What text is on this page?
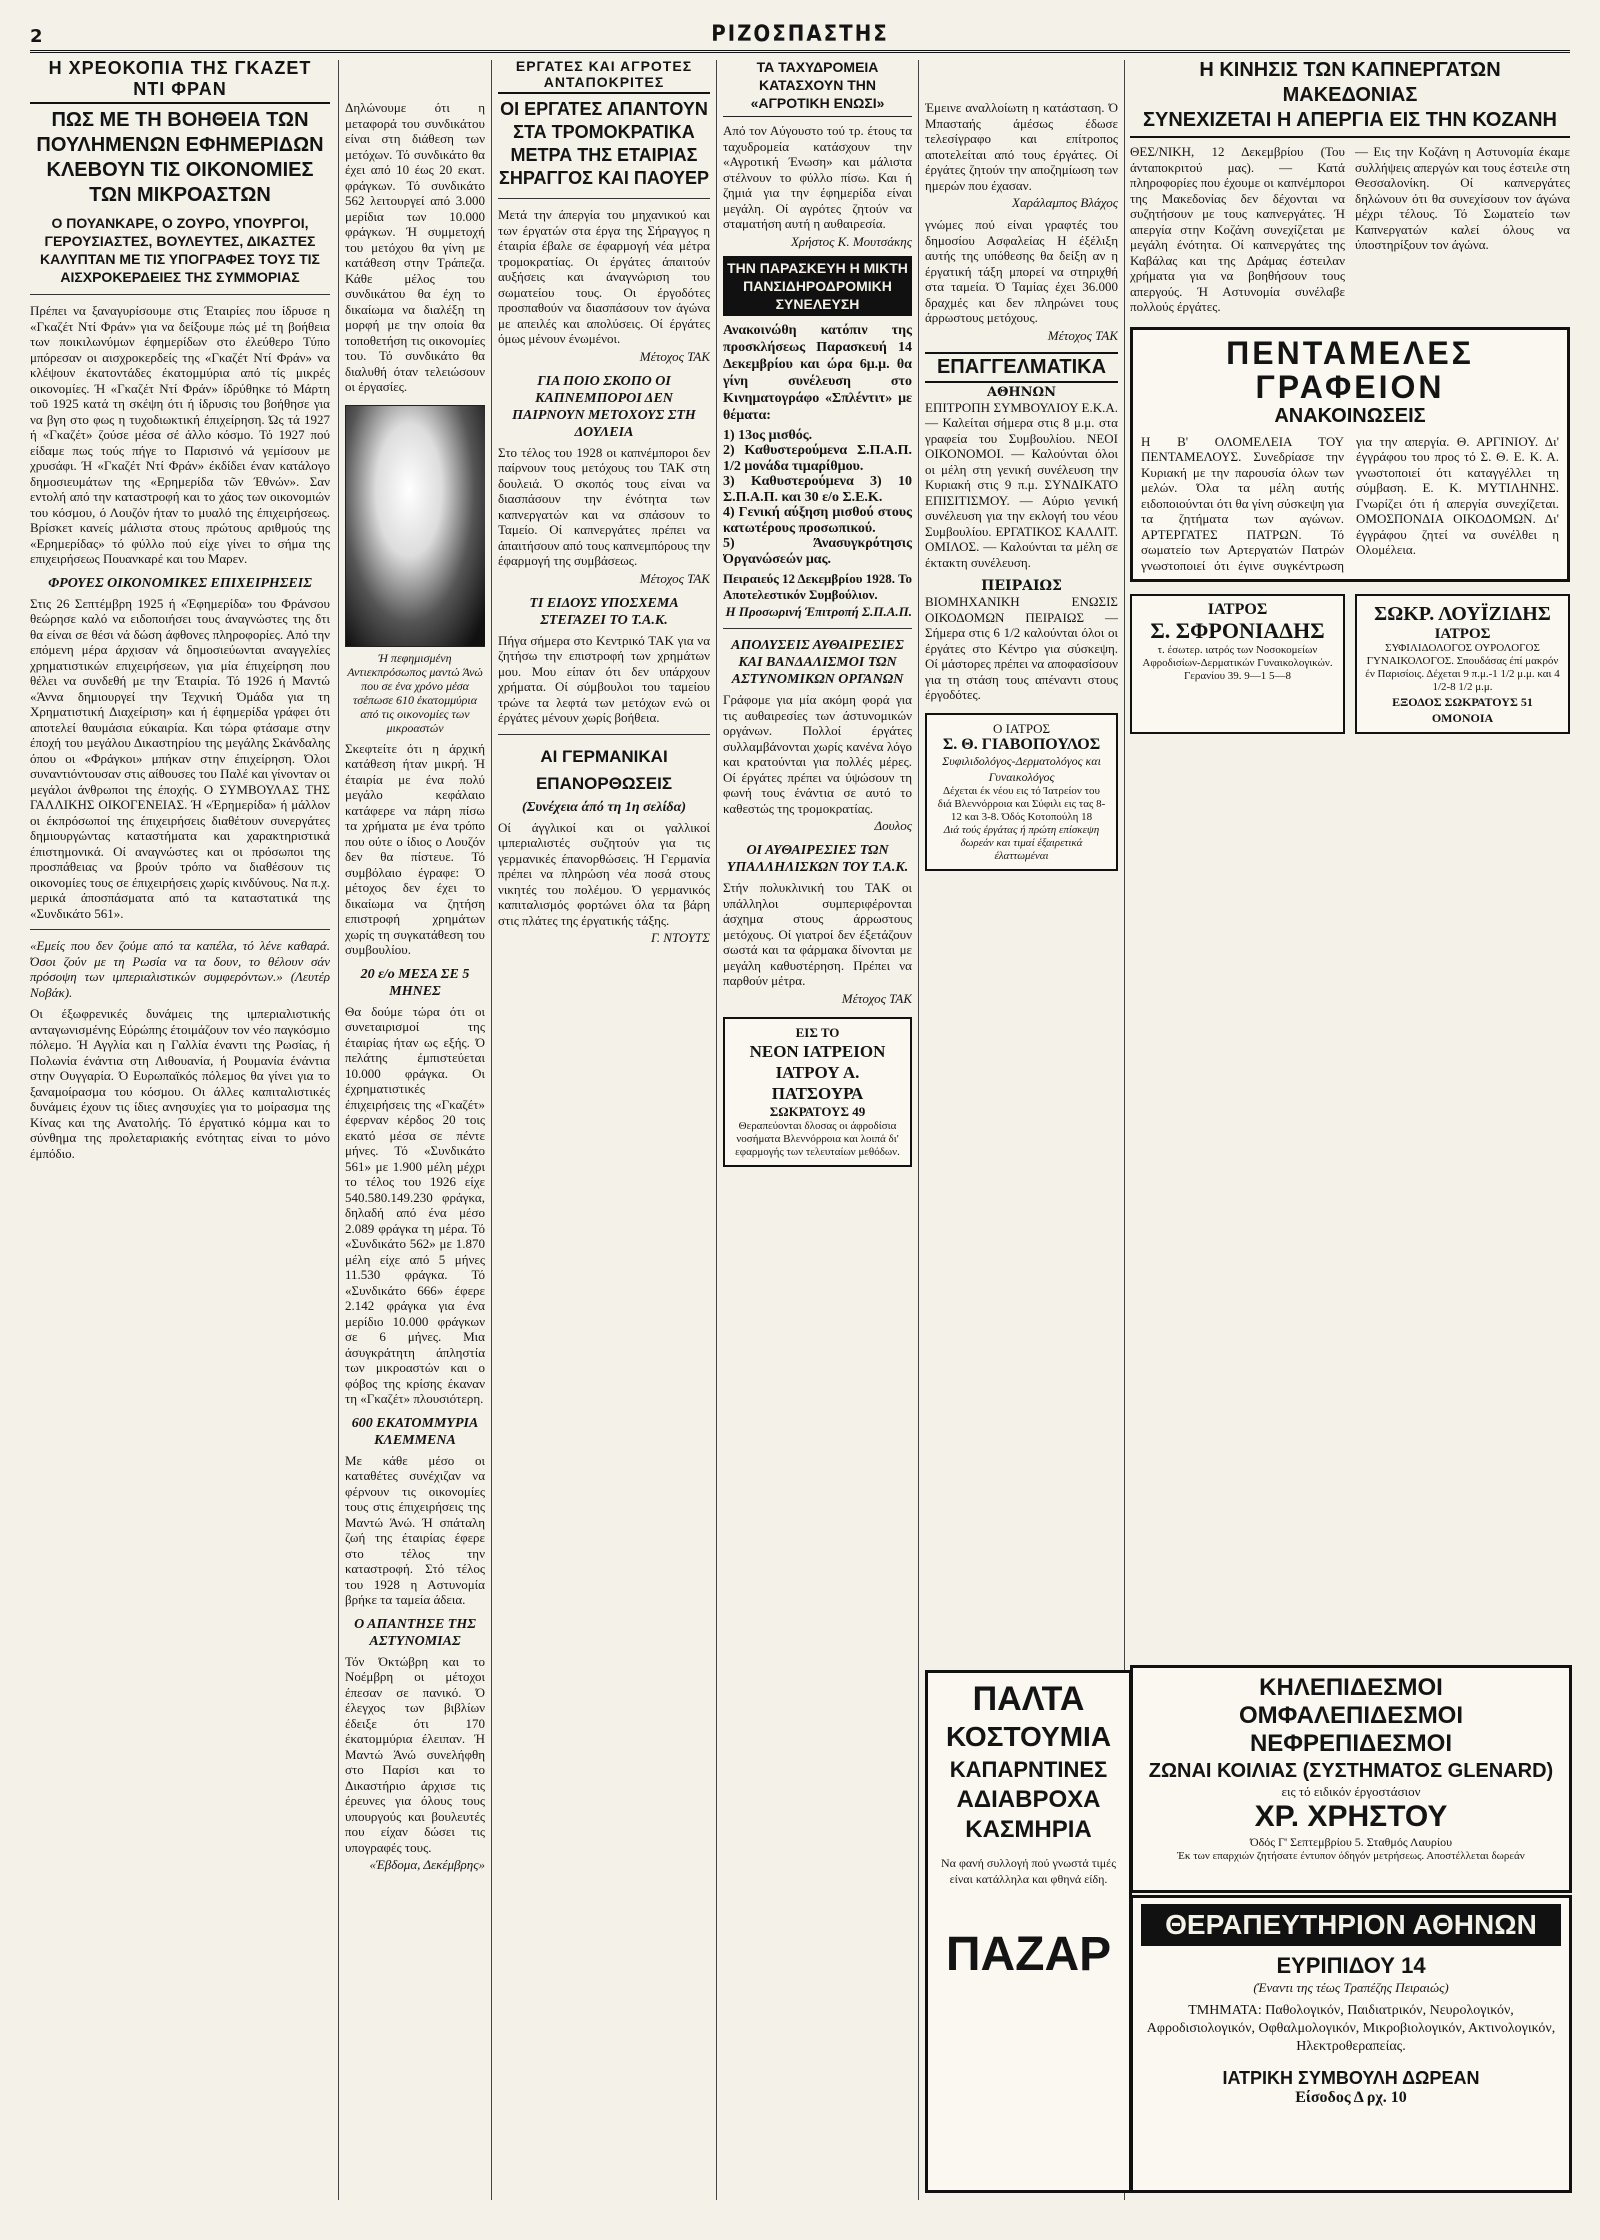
2	ΡΙΖΟΣΠΑΣΤΗΣ
Η ΧΡΕΟΚΟΠΙΑ ΤΗΣ ΓΚΑΖΕΤ ΝΤΙ ΦΡΑΝ
ΠΩΣ ΜΕ ΤΗ ΒΟΗΘΕΙΑ ΤΩΝ ΠΟΥΛΗΜΕΝΩΝ ΕΦΗΜΕΡΙΔΩΝ ΚΛΕΒΟΥΝ ΤΙΣ ΟΙΚΟΝΟΜΙΕΣ ΤΩΝ ΜΙΚΡΟΑΣΤΩΝ
Ο ΠΟΥΑΝΚΑΡΕ, Ο ΖΟΥΡΟ, ΥΠΟΥΡΓΟΙ, ΓΕΡΟΥΣΙΑΣΤΕΣ, ΒΟΥΛΕΥΤΕΣ, ΔΙΚΑΣΤΕΣ ΚΑΛΥΠΤΑΝ ΜΕ ΤΙΣ ΥΠΟΓΡΑΦΕΣ ΤΟΥΣ ΤΙΣ ΑΙΣΧΡΟΚΕΡΔΕΙΕΣ ΤΗΣ ΣΥΜΜΟΡΙΑΣ

Πρέπει να ξαναγυρίσουμε στις Έταιρίες που ίδρυσε η «Γκαζέτ Ντί Φράν» για να δείξουμε πώς μέ τη βοήθεια των ποικιλωνύμων έφημερίδων στο έλεύθερο Τύπο μπόρεσαν οι αισχροκερδείς της «Γκαζέτ Ντί Φράν» να κλέψουν έκατοντάδες έκατομμύρια από τίς μικρές οικονομίες. Ή «Γκαζέτ Ντί Φράν» ίδρύθηκε τό Μάρτη τοῦ 1925 κατά τη σκέψη ότι ή ίδρυσις του βοήθησε για να βγη στο φως η τυχοδιωκτική έπιχείρηση. Ώς τά 1927 ή «Γκαζέτ» ζούσε μέσα σέ άλλο κόσμο. Τό 1927 πού είδαμε πως τούς πήγε το Παρισινό νά γεμίσουν με χρυσάφι. Ή «Γκαζέτ Ντί Φράν» έκδίδει έναν κατάλογο δημοσιευμάτων της «Ερημερίδα τῶν Έθνών». Σαν εντολή από την καταστροφή και το χάος των οικονομιών του κόσμου, ό Λουζόν ήταν το μυαλό της έπιχειρήσεως. Βρίσκετ κανείς μάλιστα στους πρώτους αριθμούς της «Ερημερίδας» τό φύλλο πού είχε γίνει το σήμα της επιχειρήσεως Πουανκαρέ και του Μαρεν.

ΦΡΟΥΕΣ ΟΙΚΟΝΟΜΙΚΕΣ ΕΠΙΧΕΙΡΗΣΕΙΣ

Στις 26 Σεπτέμβρη 1925 ή «Έφημερίδα» του Φράνσου θεώρησε καλό να ειδοποιήσει τους άναγνώστες της δτι θα είναι σε θέσι νά δώση άφθονες πληροφορίες. Από την επόμενη μέρα άρχισαν νά δημοσιεύωνται αναγγελίες χρηματιστικών επιχειρήσεων, για μία έπιχείρηση που θέλει να συνδεθή με την Έταιρία. Τό 1926 ή Μαντώ «Άννα δημιουργεί την Τεχνική Όμάδα για τη Χρηματιστική Διαχείριση» και ή έφημερίδα γράφει ότι αποτελεί θαυμάσια εύκαιρία. Και τώρα φτάσαμε στην έποχή του μεγάλου Δικαστηρίου της μεγάλης Σκάνδαλης όπου οι «Φράγκοι» μπήκαν στην έπιχείρηση. Όλοι συναντιόντουσαν στις αίθουσες του Παλέ και γίνονταν οι μεγάλοι άνθρωποι της έποχής. Ο ΣΥΜΒΟΥΛΑΣ ΤΗΣ ΓΑΛΛΙΚΗΣ ΟΙΚΟΓΕΝΕΙΑΣ. Ή «Έρημερίδα» ή μάλλον οι έκπρόσωποί της έπιχειρήσεις διαθέτουν συνεργάτες δημιουργώντας καταστήματα και χαρακτηριστικά έπιστημονικά. Οί αναγνώστες και οι πρόσωποι της προσπάθειας να βρούν τρόπο να διαθέσουν τις οικονομίες τους σε έπιχειρήσεις χωρίς κινδύνους. Να π.χ. μερικά άποσπάσματα από τα καταστατικά της «Συνδικάτο 561».

«Εμείς που δεν ζούμε από τα καπέλα, τό λένε καθαρά. Όσοι ζούν με τη Ρωσία να τα δουν, το θέλουν σάν πρόσοψη των ιμπεριαλιστικών συμφερόντων.» (Λευτέρ Νοβάκ).

Οι έξωφρενικές δυνάμεις της ιμπεριαλιστικής ανταγωνισμένης Εύρώπης έτοιμάζουν τον νέο παγκόσμιο πόλεμο. Ή Αγγλία και η Γαλλία έναντι της Ρωσίας, ή Πολωνία ένάντια στη Λιθουανία, ή Ρουμανία ένάντια στην Ουγγαρία. Ό Ευρωπαϊκός πόλεμος θα γίνει για το ξαναμοίρασμα του κόσμου. Οι άλλες καπιταλιστικές δυνάμεις έχουν τις ίδιες ανησυχίες για το μοίρασμα της Κίνας και της Ανατολής. Τό έργατικό κόμμα και το σύνθημα της προλεταριακής ενότητας είναι το μόνο έμπόδιο.

Δηλώνουμε ότι η μεταφορά του συνδικάτου είναι στη διάθεση των μετόχων. Τό συνδικάτο θα έχει από 10 έως 20 εκατ. φράγκων. Τό συνδικάτο 562 λειτουργεί από 3.000 μερίδια των 10.000 φράγκων. Ή συμμετοχή του μετόχου θα γίνη με κατάθεση στην Τράπεζα. Κάθε μέλος του συνδικάτου θα έχη το δικαίωμα να διαλέξη τη μορφή με την οποία θα τοποθετήση τις οικονομίες του. Τό συνδικάτο θα διαλυθή όταν τελειώσουν οι έργασίες.

Ή πεφημισμένη Αντιεκπρόσωπος μαντώ Άνώ που σε ένα χρόνο μέσα τσέπωσε 610 έκατομμύρια από τις οικονομίες των μικροαστών

Σκεφτείτε ότι η άρχική κατάθεση ήταν μικρή. Ή έταιρία με ένα πολύ μεγάλο κεφάλαιο κατάφερε να πάρη πίσω τα χρήματα με ένα τρόπο που ούτε ο ίδιος ο Λουζόν δεν θα πίστευε. Τό συμβόλαιο έγραφε: Ό μέτοχος δεν έχει το δικαίωμα να ζητήση επιστροφή χρημάτων χωρίς τη συγκατάθεση του συμβουλίου.

20 ε/ο ΜΕΣΑ ΣΕ 5 ΜΗΝΕΣ

Θα δούμε τώρα ότι οι συνεταιρισμοί της έταιρίας ήταν ως εξής. Ό πελάτης έμπιστεύεται 10.000 φράγκα. Οι έχρηματιστικές έπιχειρήσεις της «Γκαζέτ» έφερναν κέρδος 20 τοις εκατό μέσα σε πέντε μήνες. Τό «Συνδικάτο 561» με 1.900 μέλη μέχρι το τέλος του 1926 είχε 540.580.149.230 φράγκα, δηλαδή από ένα μέσο 2.089 φράγκα τη μέρα. Τό «Συνδικάτο 562» με 1.870 μέλη είχε από 5 μήνες 11.530 φράγκα. Τό «Συνδικάτο 666» έφερε 2.142 φράγκα για ένα μερίδιο 10.000 φράγκων σε 6 μήνες. Μια άσυγκράτητη άπληστία των μικροαστών και ο φόβος της κρίσης έκαναν τη «Γκαζέτ» πλουσιότερη.

600 ΕΚΑΤΟΜΜΥΡΙΑ ΚΛΕΜΜΕΝΑ

Με κάθε μέσο οι καταθέτες συνέχιζαν να φέρνουν τις οικονομίες τους στις έπιχειρήσεις της Μαντώ Άνώ. Ή σπάταλη ζωή της έταιρίας έφερε στο τέλος την καταστροφή. Στό τέλος του 1928 η Αστυνομία βρήκε τα ταμεία άδεια.

Ο ΑΠΑΝΤΗΣΕ ΤΗΣ ΑΣΤΥΝΟΜΙΑΣ

Τόν Όκτώβρη και το Νοέμβρη οι μέτοχοι έπεσαν σε πανικό. Ό έλεγχος των βιβλίων έδειξε ότι 170 έκατομμύρια έλειπαν. Ή Μαντώ Άνώ συνελήφθη στο Παρίσι και το Δικαστήριο άρχισε τις έρευνες για όλους τους υπουργούς και βουλευτές που είχαν δώσει τις υπογραφές τους.

«Έβδομα, Δεκέμβρης»
ΕΡΓΑΤΕΣ ΚΑΙ ΑΓΡΟΤΕΣ ΑΝΤΑΠΟΚΡΙΤΕΣ
ΟΙ ΕΡΓΑΤΕΣ ΑΠΑΝΤΟΥΝ ΣΤΑ ΤΡΟΜΟΚΡΑΤΙΚΑ ΜΕΤΡΑ ΤΗΣ ΕΤΑΙΡΙΑΣ ΣΗΡΑΓΓΟΣ ΚΑΙ ΠΑΟΥΕΡ

Μετά την άπεργία του μηχανικού και των έργατών στα έργα της Σήραγγος η έταιρία έβαλε σε έφαρμογή νέα μέτρα τρομοκρατίας. Οι έργάτες άπαιτούν αυξήσεις και άναγνώριση του σωματείου τους. Οι έργοδότες προσπαθούν να διασπάσουν τον άγώνα με απειλές και απολύσεις. Οί έργάτες όμως μένουν ένωμένοι.

Μέτοχος ΤΑΚ
ΓΙΑ ΠΟΙΟ ΣΚΟΠΟ ΟΙ ΚΑΠΝΕΜΠΟΡΟΙ ΔΕΝ ΠΑΙΡΝΟΥΝ ΜΕΤΟΧΟΥΣ ΣΤΗ ΔΟΥΛΕΙΑ

Στο τέλος του 1928 οι καπνέμποροι δεν παίρνουν τους μετόχους του ΤΑΚ στη δουλειά. Ό σκοπός τους είναι να διασπάσουν την ένότητα των καπνεργατών και να σπάσουν το Ταμείο. Οί καπνεργάτες πρέπει να άπαιτήσουν από τους καπνεμπόρους την έφαρμογή της συμβάσεως.

Μέτοχος ΤΑΚ
ΤΙ ΕΙΔΟΥΣ ΥΠΟΣΧΕΜΑ ΣΤΕΓΑΖΕΙ ΤΟ Τ.Α.Κ.

Πήγα σήμερα στο Κεντρικό ΤΑΚ για να ζητήσω την επιστροφή των χρημάτων μου. Μου είπαν ότι δεν υπάρχουν χρήματα. Οί σύμβουλοι του ταμείου τρώνε τα λεφτά των μετόχων ενώ οι έργάτες μένουν χωρίς βοήθεια.

ΑΙ ΓΕΡΜΑΝΙΚΑΙ ΕΠΑΝΟΡΘΩΣΕΙΣ
(Συνέχεια άπό τη 1η σελίδα)

Οί άγγλικοί και οι γαλλικοί ιμπεριαλιστές συζητούν για τις γερμανικές έπανορθώσεις. Ή Γερμανία πρέπει να πληρώση νέα ποσά στους νικητές του πολέμου. Ό γερμανικός καπιταλισμός φορτώνει όλα τα βάρη στις πλάτες της έργατικής τάξης.

Γ. ΝΤΟΥΤΣ
ΤΑ ΤΑΧΥΔΡΟΜΕΙΑ ΚΑΤΑΣΧΟΥΝ ΤΗΝ «ΑΓΡΟΤΙΚΗ ΕΝΩΣΙ»

Από τον Αύγουστο τού τρ. έτους τα ταχυδρομεία κατάσχουν την «Αγροτική Ένωση» και μάλιστα στέλνουν το φύλλο πίσω. Και ή ζημιά για την έφημερίδα είναι μεγάλη. Οί αγρότες ζητούν να σταματήση αυτή η αυθαιρεσία.

Χρήστος Κ. Μουτσάκης
ΤΗΝ ΠΑΡΑΣΚΕΥΗ Η ΜΙΚΤΗ ΠΑΝΣΙΔΗΡΟΔΡΟΜΙΚΗ ΣΥΝΕΛΕΥΣΗ

Ανακοινώθη κατόπιν της προσκλήσεως Παρασκευή 14 Δεκεμβρίου και ώρα 6μ.μ. θα γίνη συνέλευση στο Κινηματογράφο «Σπλέντιτ» με θέματα:

1) 13ος μισθός.
2) Καθυστερούμενα Σ.Π.Α.Π. 1/2 μονάδα τιμαρίθμου.
3) Καθυστερούμενα 3) 10 Σ.Π.Α.Π. και 30 ε/ο Σ.Ε.Κ.
4) Γενική αύξηση μισθού στους κατωτέρους προσωπικού.
5) Άνασυγκρότησις Όργανώσεών μας.

Πειραιεύς 12 Δεκεμβρίου 1928. Το Αποτελεστικόν Συμβούλιον.

Η Προσωρινή Έπιτροπή Σ.Π.Α.Π.
ΑΠΟΛΥΣΕΙΣ ΑΥΘΑΙΡΕΣΙΕΣ ΚΑΙ ΒΑΝΔΑΛΙΣΜΟΙ ΤΩΝ ΑΣΤΥΝΟΜΙΚΩΝ ΟΡΓΑΝΩΝ

Γράφομε για μία ακόμη φορά για τις αυθαιρεσίες των άστυνομικών οργάνων. Πολλοί έργάτες συλλαμβάνονται χωρίς κανένα λόγο και κρατούνται για πολλές μέρες. Οί έργάτες πρέπει να ύψώσουν τη φωνή τους ένάντια σε αυτό το καθεστώς της τρομοκρατίας.

Δουλος
ΟΙ ΑΥΘΑΙΡΕΣΙΕΣ ΤΩΝ ΥΠΑΛΛΗΛΙΣΚΩΝ ΤΟΥ Τ.Α.Κ.

Στήν πολυκλινική του ΤΑΚ οι υπάλληλοι συμπεριφέρονται άσχημα στους άρρωστους μετόχους. Οί γιατροί δεν έξετάζουν σωστά και τα φάρμακα δίνονται με μεγάλη καθυστέρηση. Πρέπει να παρθούν μέτρα.

Μέτοχος ΤΑΚ
ΕΙΣ ΤΟ
ΝΕΟΝ ΙΑΤΡΕΙΟΝ ΙΑΤΡΟΥ Α. ΠΑΤΣΟΥΡΑ
ΣΩΚΡΑΤΟΥΣ 49
Θεραπεύονται δλοσας οι άφροδίσια νοσήματα Βλεννόρροια και λοιπά δι' εφαρμογής των τελευταίων μεθόδων.

Έμεινε αναλλοίωτη η κατάσταση. Ό Μπασταής άμέσως έδωσε τελεσίγραφο και επίτροπος αποτελείται από τους έργάτες. Οί έργάτες ζητούν την αποζημίωση των ημερών που έχασαν.

Χαράλαμπος Βλάχος

γνώμες πού είναι γραφτές του δημοσίου Ασφαλείας Η έξέλιξη αυτής της υπόθεσης θα δείξη αν η έργατική τάξη μπορεί να στηριχθή στα ταμεία. Ό Ταμίας έχει 36.000 δραχμές και δεν πληρώνει τους άρρωστους μετόχους.

Μέτοχος ΤΑΚ
ΕΠΑΓΓΕΛΜΑΤΙΚΑ
ΑΘΗΝΩΝ

ΕΠΙΤΡΟΠΗ ΣΥΜΒΟΥΛΙΟΥ Ε.Κ.Α. — Καλείται σήμερα στις 8 μ.μ. στα γραφεία του Συμβουλίου. ΝΕΟΙ ΟΙΚΟΝΟΜΟΙ. — Καλούνται όλοι οι μέλη στη γενική συνέλευση την Κυριακή στις 9 π.μ. ΣΥΝΔΙΚΑΤΟ ΕΠΙΣΙΤΙΣΜΟΥ. — Αύριο γενική συνέλευση για την εκλογή του νέου Συμβουλίου. ΕΡΓΑΤΙΚΟΣ ΚΑΛΛΙΤ. ΟΜΙΛΟΣ. — Καλούνται τα μέλη σε έκτακτη συνέλευση.

ΠΕΙΡΑΙΩΣ

ΒΙΟΜΗΧΑΝΙΚΗ ΕΝΩΣΙΣ ΟΙΚΟΔΟΜΩΝ ΠΕΙΡΑΙΩΣ — Σήμερα στις 6 1/2 καλούνται όλοι οι έργάτες στο Κέντρο για σύσκεψη. Οί μάστορες πρέπει να αποφασίσουν για τη στάση τους απέναντι στους έργοδότες.

Ο ΙΑΤΡΟΣ
Σ. Θ. ΓΙΑΒΟΠΟΥΛΟΣ
Συφιλιδολόγος-Δερματολόγος και Γυναικολόγος
Δέχεται έκ νέου εις τό Ίατρείον του διά Βλεννόρροια και Σύφιλι εις τας 8-12 και 3-8. Όδός Κοτοπούλη 18
Διά τούς έργάτας ή πρώτη επίσκεψη δωρεάν και τιμαί έξαιρετικά έλαττωμέναι
Η ΚΙΝΗΣΙΣ ΤΩΝ ΚΑΠΝΕΡΓΑΤΩΝ ΜΑΚΕΔΟΝΙΑΣ
ΣΥΝΕΧΙΖΕΤΑΙ Η ΑΠΕΡΓΙΑ ΕΙΣ ΤΗΝ ΚΟΖΑΝΗ

ΘΕΣ/ΝΙΚΗ, 12 Δεκεμβρίου (Του άνταποκριτού μας). — Κατά πληροφορίες που έχουμε οι καπνέμποροι της Μακεδονίας δεν δέχονται να συζητήσουν με τους καπνεργάτες. Ή απεργία στην Κοζάνη συνεχίζεται με μεγάλη ένότητα. Οί καπνεργάτες της Καβάλας και της Δράμας έστειλαν χρήματα για να βοηθήσουν τους απεργούς. Ή Αστυνομία συνέλαβε πολλούς έργάτες.

— Εις την Κοζάνη η Αστυνομία έκαμε συλλήψεις απεργών και τους έστειλε στη Θεσσαλονίκη. Οί καπνεργάτες δηλώνουν ότι θα συνεχίσουν τον άγώνα μέχρι τέλους. Τό Σωματείο των Καπνεργατών καλεί όλους να ύποστηρίξουν τον άγώνα.

ΠΕΝΤΑΜΕΛΕΣ ΓΡΑΦΕΙΟΝ
ΑΝΑΚΟΙΝΩΣΕΙΣ

Η Β' ΟΛΟΜΕΛΕΙΑ ΤΟΥ ΠΕΝΤΑΜΕΛΟΥΣ. Συνεδρίασε την Κυριακή με την παρουσία όλων των μελών. Όλα τα μέλη αυτής ειδοποιούνται ότι θα γίνη σύσκεψη για τα ζητήματα των αγώνων. ΑΡΤΕΡΓΑΤΕΣ ΠΑΤΡΩΝ. Τό σωματείο των Αρτεργατών Πατρών γνωστοποιεί ότι έγινε συγκέντρωση για την απεργία. Θ. ΑΡΓΙΝΙΟΥ. Δι' έγγράφου του προς τό Σ. Θ. Ε. Κ. Α. γνωστοποιεί ότι καταγγέλλει τη σύμβαση. Ε. Κ. ΜΥΤΙΛΗΝΗΣ. Γνωρίζει ότι ή απεργία συνεχίζεται. ΟΜΟΣΠΟΝΔΙΑ ΟΙΚΟΔΟΜΩΝ. Δι' έγγράφου ζητεί να συνέλθει η Ολομέλεια.

ΙΑΤΡΟΣ
Σ. ΣΦΡΟΝΙΑΔΗΣ
τ. έσωτερ. ιατρός των Νοσοκομείων Αφροδισίων-Δερματικών Γυναικολογικών. Γερανίου 39. 9—1 5—8
ΣΩΚΡ. ΛΟΥΪΖΙΔΗΣ
ΙΑΤΡΟΣ
ΣΥΦΙΛΙΔΟΛΟΓΟΣ ΟΥΡΟΛΟΓΟΣ ΓΥΝΑΙΚΟΛΟΓΟΣ. Σπουδάσας έπί μακρόν έν Παρισίοις. Δέχεται 9 π.μ.-1 1/2 μ.μ. και 4 1/2-8 1/2 μ.μ.
ΕΞΟΔΟΣ ΣΩΚΡΑΤΟΥΣ 51 ΟΜΟΝΟΙΑ
ΚΗΛΕΠΙΔΕΣΜΟΙ
ΟΜΦΑΛΕΠΙΔΕΣΜΟΙ
ΝΕΦΡΕΠΙΔΕΣΜΟΙ
ΖΩΝΑΙ ΚΟΙΛΙΑΣ (ΣΥΣΤΗΜΑΤΟΣ GLENARD)
εις τό ειδικόν έργοστάσιον
ΧΡ. ΧΡΗΣΤΟΥ
Όδός Γ' Σεπτεμβρίου 5. Σταθμός Λαυρίου
Έκ των επαρχιών ζητήσατε έντυπον όδηγόν μετρήσεως. Αποστέλλεται δωρεάν
ΠΑΛΤΑ
ΚΟΣΤΟΥΜΙΑ
ΚΑΠΑΡΝΤΙΝΕΣ
ΑΔΙΑΒΡΟΧΑ
ΚΑΣΜΗΡΙΑ
Να φανή συλλογή πού γνωστά τιμές είναι κατάλληλα και φθηνά είδη.
ΠΑΖΑΡ
ΘΕΡΑΠΕΥΤΗΡΙΟΝ ΑΘΗΝΩΝ
ΕΥΡΙΠΙΔΟΥ 14
(Έναντι της τέως Τραπέζης Πειραιώς)
ΤΜΗΜΑΤΑ: Παθολογικόν, Παιδιατρικόν, Νευρολογικόν, Αφροδισιολογικόν, Οφθαλμολογικόν, Μικροβιολογικόν, Ακτινολογικόν, Ηλεκτροθεραπείας.
ΙΑΤΡΙΚΗ ΣΥΜΒΟΥΛΗ ΔΩΡΕΑΝ
Είσοδος Δ ρχ. 10
